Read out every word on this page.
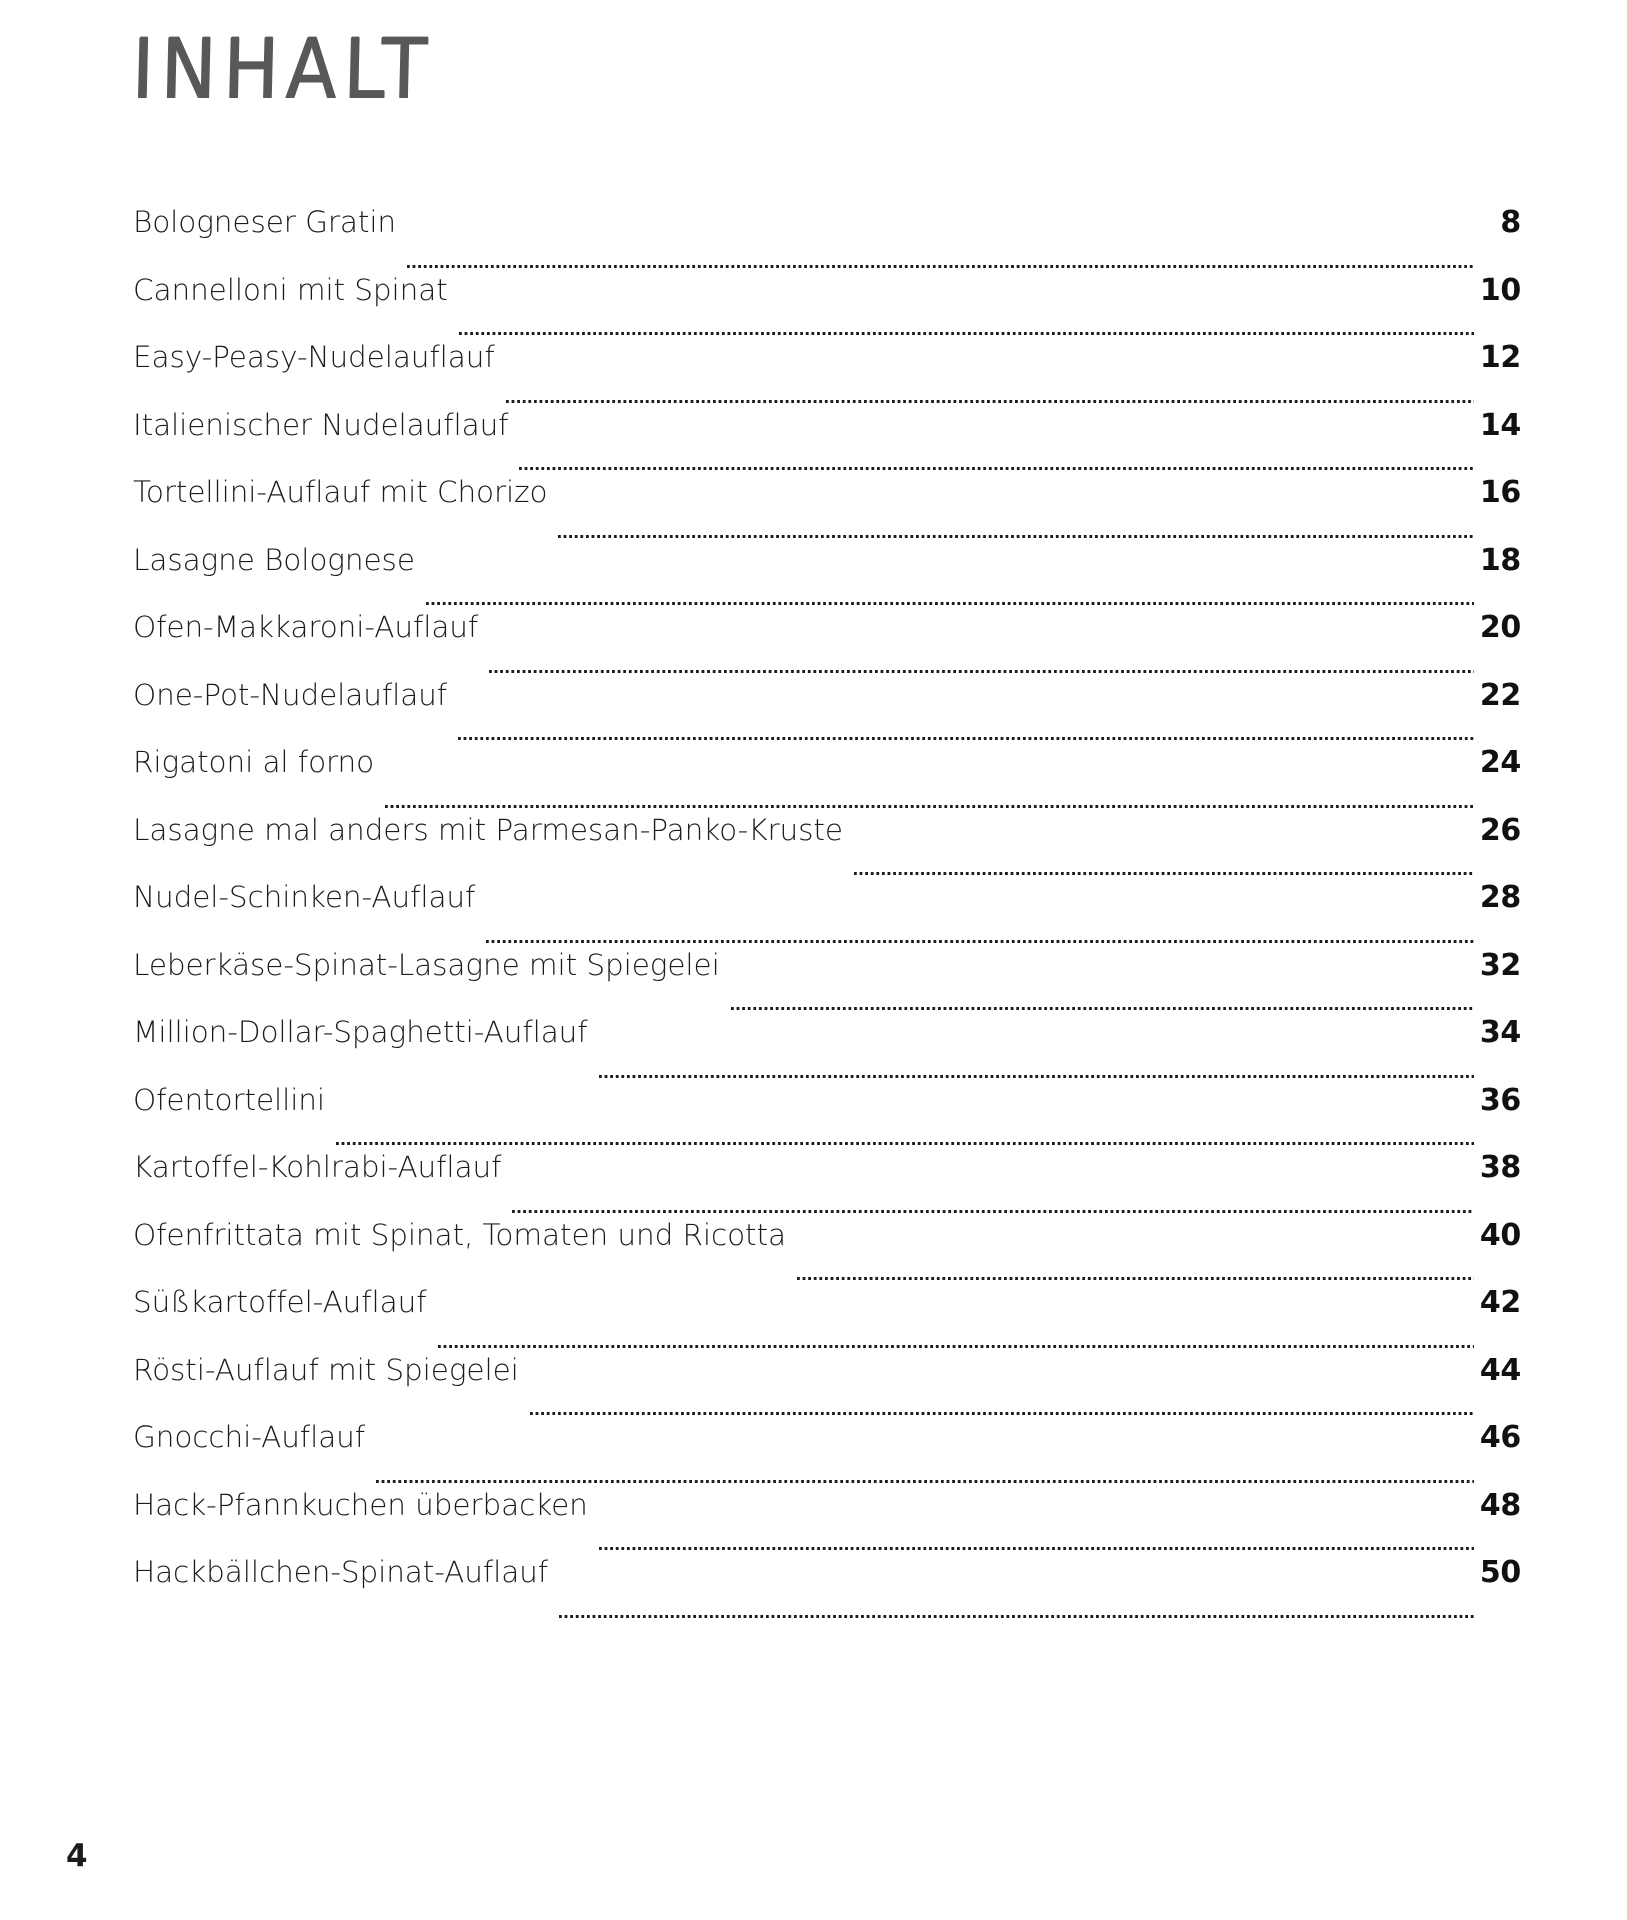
INHALT
Bologneser Gratin	8
Cannelloni mit Spinat	10
Easy-Peasy-Nudelauflauf	12
Italienischer Nudelauflauf	14
Tortellini-Auflauf mit Chorizo	16
Lasagne Bolognese	18
Ofen-Makkaroni-Auflauf	20
One-Pot-Nudelauflauf	22
Rigatoni al forno	24
Lasagne mal anders mit Parmesan-Panko-Kruste	26
Nudel-Schinken-Auflauf	28
Leberkäse-Spinat-Lasagne mit Spiegelei	32
Million-Dollar-Spaghetti-Auflauf	34
Ofentortellini	36
Kartoffel-Kohlrabi-Auflauf	38
Ofenfrittata mit Spinat, Tomaten und Ricotta	40
Süßkartoffel-Auflauf	42
Rösti-Auflauf mit Spiegelei	44
Gnocchi-Auflauf	46
Hack-Pfannkuchen überbacken	48
Hackbällchen-Spinat-Auflauf	50
4
